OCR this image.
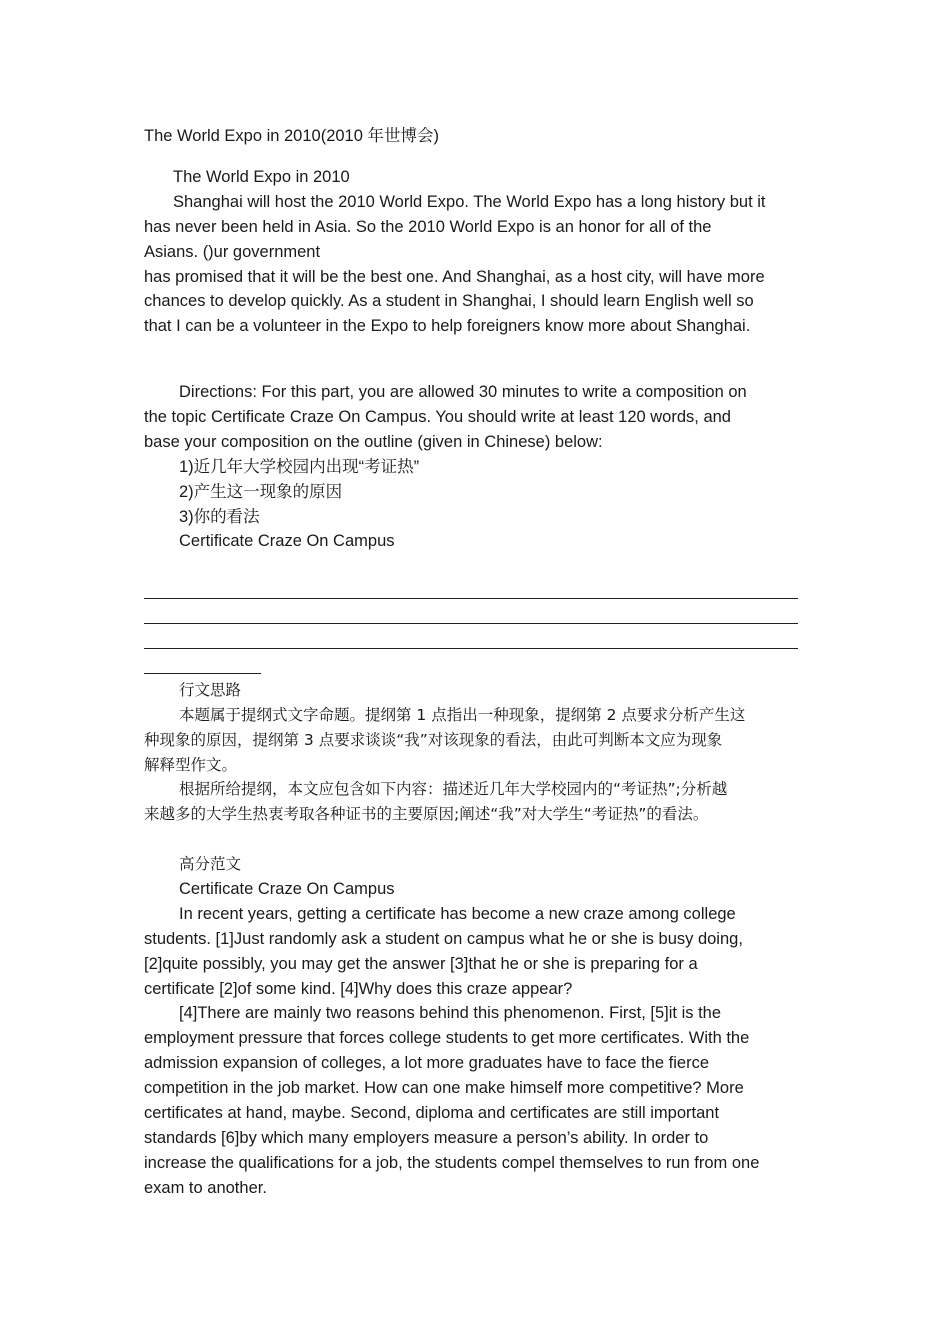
The World Expo in 2010(2010 年世博会)
The World Expo in 2010
Shanghai will host the 2010 World Expo. The World Expo has a long history but it
has never been held in Asia. So the 2010 World Expo is an honor for all of the
Asians. ()ur government
has promised that it will be the best one. And Shanghai, as a host city, will have more
chances to develop quickly. As a student in Shanghai, I should learn English well so
that I can be a volunteer in the Expo to help foreigners know more about Shanghai.
Directions: For this part, you are allowed 30 minutes to write a composition on
the topic Certificate Craze On Campus. You should write at least 120 words, and
base your composition on the outline (given in Chinese) below:
1)近几年大学校园内出现“考证热”
2)产生这一现象的原因
3)你的看法
Certificate Craze On Campus
行文思路
本题属于提纲式文字命题。提纲第 1 点指出一种现象，提纲第 2 点要求分析产生这
种现象的原因，提纲第 3 点要求谈谈“我”对该现象的看法，由此可判断本文应为现象
解释型作文。
根据所给提纲，本文应包含如下内容：描述近几年大学校园内的“考证热”;分析越
来越多的大学生热衷考取各种证书的主要原因;阐述“我”对大学生“考证热”的看法。
高分范文
Certificate Craze On Campus
In recent years, getting a certificate has become a new craze among college
students. [1]Just randomly ask a student on campus what he or she is busy doing,
[2]quite possibly, you may get the answer [3]that he or she is preparing for a
certificate [2]of some kind. [4]Why does this craze appear?
[4]There are mainly two reasons behind this phenomenon. First, [5]it is the
employment pressure that forces college students to get more certificates. With the
admission expansion of colleges, a lot more graduates have to face the fierce
competition in the job market. How can one make himself more competitive? More
certificates at hand, maybe. Second, diploma and certificates are still important
standards [6]by which many employers measure a person’s ability. In order to
increase the qualifications for a job, the students compel themselves to run from one
exam to another.
